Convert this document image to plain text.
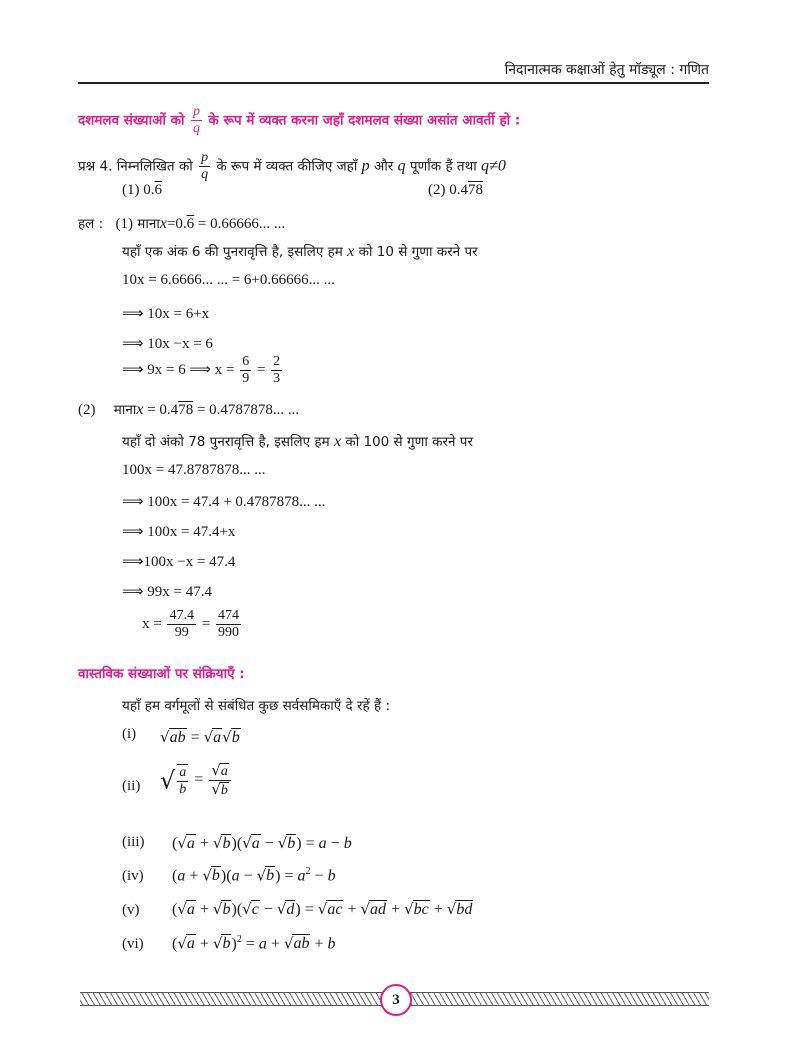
निदानात्मक कक्षाओं हेतु मॉड्यूल : गणित
दशमलव संख्याओं को $\frac{p}{q}$ के रूप में व्यक्त करना जहाँ दशमलव संख्या असांत आवर्ती हो :
प्रश्न 4. निम्नलिखित को $\frac{p}{q}$ के रूप में व्यक्त कीजिए जहाँ p और q पूर्णांक हैं तथा q≠0
(1) 0.6	(2) 0.478
हल : (1) मानाx=0.6 = 0.66666... ...
यहाँ एक अंक 6 की पुनरावृत्ति है, इसलिए हम x को 10 से गुणा करने पर
10x = 6.6666... ... = 6+0.66666... ...
⟹ 10x = 6+x
⟹ 10x −x = 6
⟹ 9x = 6 ⟹ $x = \frac{6}{9} = \frac{2}{3}$
(2) मानाx = 0.478 = 0.4787878... ...
यहाँ दो अंको 78 पुनरावृत्ति है, इसलिए हम x को 100 से गुणा करने पर
100x = 47.8787878... ...
⟹ 100x = 47.4 + 0.4787878... ...
⟹ 100x = 47.4+x
⟹100x −x = 47.4
⟹ 99x = 47.4
$x = \frac{47.4}{99} = \frac{474}{990}$
वास्तविक संख्याओं पर संक्रियाएँ :
यहाँ हम वर्गमूलों से संबंधित कुछ सर्वसमिकाएँ दे रहें हैं :
(i) √ab = √a√b
(ii) √ $\frac{a}{b} = \frac{√a}{√b}$
(iii) (√a + √b)(√a − √b) = a − b
(iv) $(a + √b)(a - √b) = a^2 - b$
(v) (√a + √b)(√c − √d) = √ac + √ad + √bc + √bd
(vi) $(√a + √b)^2 = a + √ab + b$
3
